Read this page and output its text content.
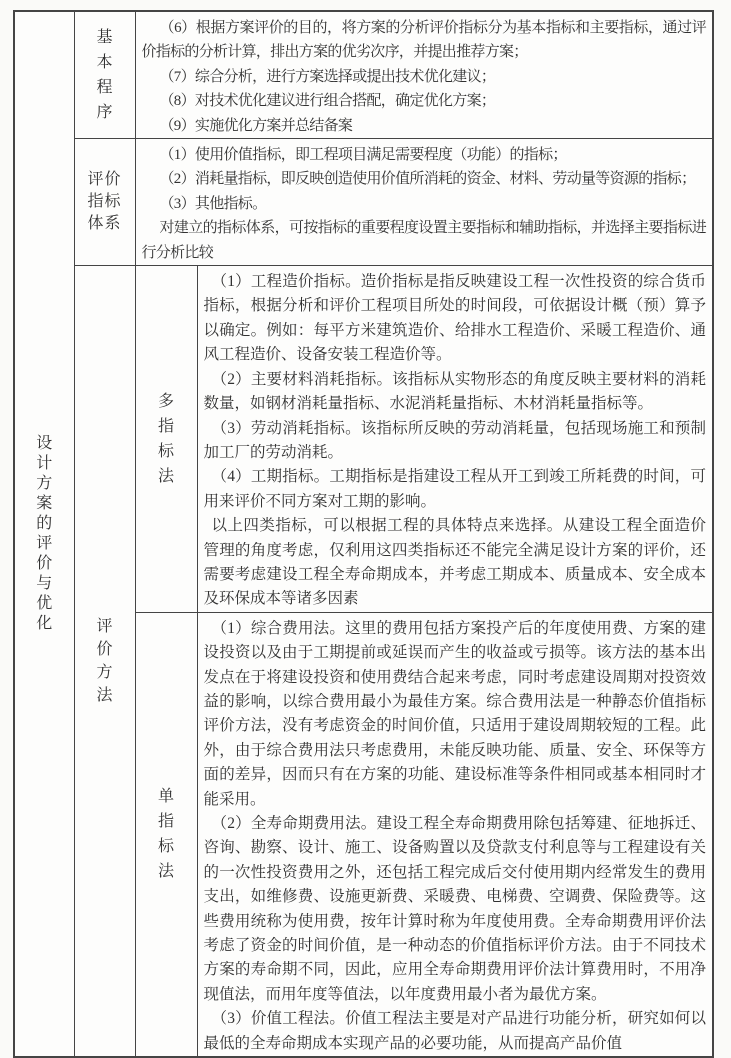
设计方案的评价与优化	基本程序	（6）根据方案评价的目的，将方案的分析评价指标分为基本指标和主要指标，通过评价指标的分析计算，排出方案的优劣次序，并提出推荐方案；

（7）综合分析，进行方案选择或提出技术优化建议；

（8）对技术优化建议进行组合搭配，确定优化方案；

（9）实施优化方案并总结备案	

	评价指标体系	（1）使用价值指标，即工程项目满足需要程度（功能）的指标；

（2）消耗量指标，即反映创造使用价值所消耗的资金、材料、劳动量等资源的指标；

（3）其他指标。

对建立的指标体系，可按指标的重要程度设置主要指标和辅助指标，并选择主要指标进行分析比较	

	评价方法	多指标法	（1）工程造价指标。造价指标是指反映建设工程一次性投资的综合货币指标，根据分析和评价工程项目所处的时间段，可依据设计概（预）算予以确定。例如：每平方米建筑造价、给排水工程造价、采暖工程造价、通风工程造价、设备安装工程造价等。

（2）主要材料消耗指标。该指标从实物形态的角度反映主要材料的消耗数量，如钢材消耗量指标、水泥消耗量指标、木材消耗量指标等。

（3）劳动消耗指标。该指标所反映的劳动消耗量，包括现场施工和预制加工厂的劳动消耗。

（4）工期指标。工期指标是指建设工程从开工到竣工所耗费的时间，可用来评价不同方案对工期的影响。

以上四类指标，可以根据工程的具体特点来选择。从建设工程全面造价管理的角度考虑，仅利用这四类指标还不能完全满足设计方案的评价，还需要考虑建设工程全寿命期成本，并考虑工期成本、质量成本、安全成本及环保成本等诸多因素

		单指标法	（1）综合费用法。这里的费用包括方案投产后的年度使用费、方案的建设投资以及由于工期提前或延误而产生的收益或亏损等。该方法的基本出发点在于将建设投资和使用费结合起来考虑，同时考虑建设周期对投资效益的影响，以综合费用最小为最佳方案。综合费用法是一种静态价值指标评价方法，没有考虑资金的时间价值，只适用于建设周期较短的工程。此外，由于综合费用法只考虑费用，未能反映功能、质量、安全、环保等方面的差异，因而只有在方案的功能、建设标准等条件相同或基本相同时才能采用。

（2）全寿命期费用法。建设工程全寿命期费用除包括筹建、征地拆迁、咨询、勘察、设计、施工、设备购置以及贷款支付利息等与工程建设有关的一次性投资费用之外，还包括工程完成后交付使用期内经常发生的费用支出，如维修费、设施更新费、采暖费、电梯费、空调费、保险费等。这些费用统称为使用费，按年计算时称为年度使用费。全寿命期费用评价法考虑了资金的时间价值，是一种动态的价值指标评价方法。由于不同技术方案的寿命期不同，因此，应用全寿命期费用评价法计算费用时，不用净现值法，而用年度等值法，以年度费用最小者为最优方案。

（3）价值工程法。价值工程法主要是对产品进行功能分析，研究如何以最低的全寿命期成本实现产品的必要功能，从而提高产品价值
